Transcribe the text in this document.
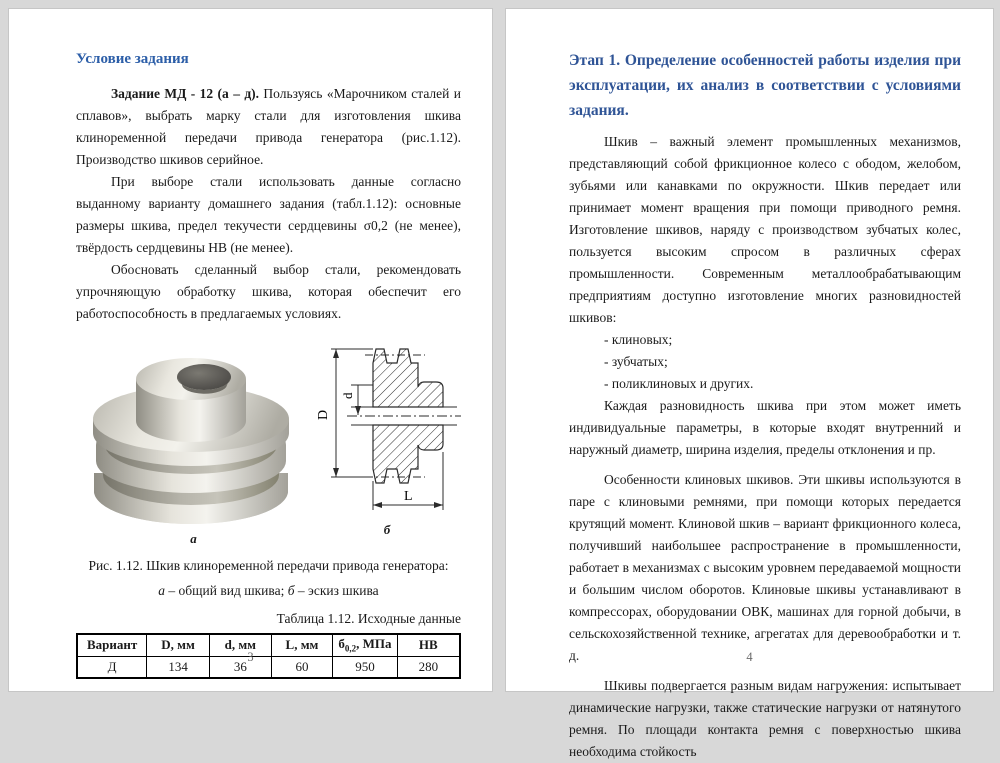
Условие задания

Задание МД - 12 (а – д). Пользуясь «Марочником сталей и сплавов», выбрать марку стали для изготовления шкива клиноременной передачи привода генератора (рис.1.12). Производство шкивов серийное.

При выборе стали использовать данные согласно выданному варианту домашнего задания (табл.1.12): основные размеры шкива, предел текучести сердцевины σ0,2 (не менее), твёрдость сердцевины НВ (не менее).

Обосновать сделанный выбор стали, рекомендовать упрочняющую обработку шкива, которая обеспечит его работоспособность в предлагаемых условиях.

а
D
d
L
б
Рис. 1.12. Шкив клиноременной передачи привода генератора:
а – общий вид шкива; б – эскиз шкива
Таблица 1.12. Исходные данные
Вариант	D, мм	d, мм	L, мм	$б_{0,2}$, МПа	НВ
Д	134	36	60	950	280
3
Этап 1. Определение особенностей работы изделия при эксплуатации, их анализ в соответствии с условиями задания.

Шкив – важный элемент промышленных механизмов, представляющий собой фрикционное колесо с ободом, желобом, зубьями или канавками по окружности. Шкив передает или принимает момент вращения при помощи приводного ремня. Изготовление шкивов, наряду с производством зубчатых колес, пользуется высоким спросом в различных сферах промышленности. Современным металлообрабатывающим предприятиям доступно изготовление многих разновидностей шкивов:

- клиновых;
- зубчатых;
- поликлиновых и других.

Каждая разновидность шкива при этом может иметь индивидуальные параметры, в которые входят внутренний и наружный диаметр, ширина изделия, пределы отклонения и пр.

Особенности клиновых шкивов. Эти шкивы используются в паре с клиновыми ремнями, при помощи которых передается крутящий момент. Клиновой шкив – вариант фрикционного колеса, получивший наибольшее распространение в промышленности, работает в механизмах с высоким уровнем передаваемой мощности и большим числом оборотов. Клиновые шкивы устанавливают в компрессорах, оборудовании ОВК, машинах для горной добычи, в сельскохозяйственной технике, агрегатах для деревообработки и т. д.

Шкивы подвергается разным видам нагружения: испытывает динамические нагрузки, также статические нагрузки от натянутого ремня. По площади контакта ремня с поверхностью шкива необходима стойкость

4
